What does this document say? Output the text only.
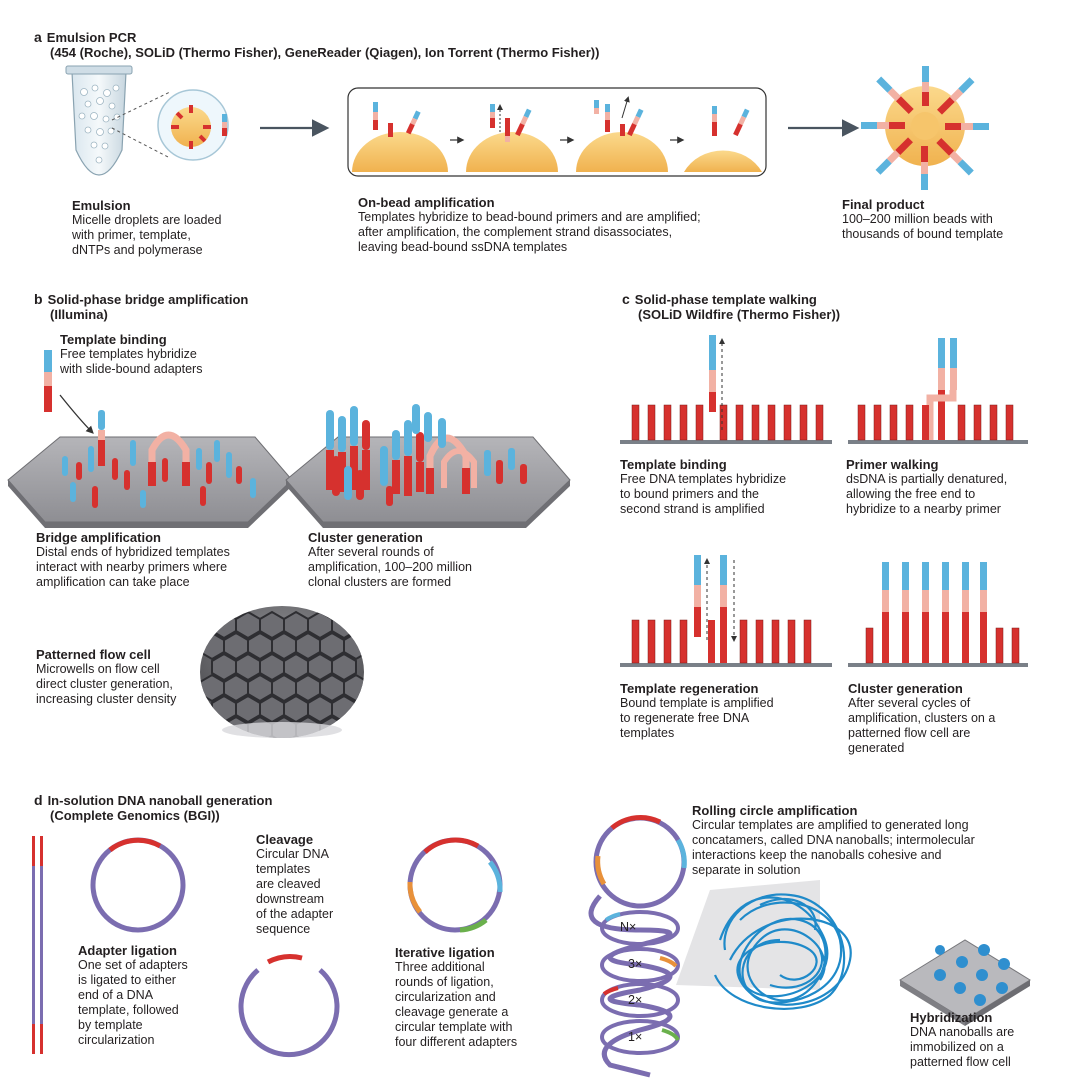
a Emulsion PCR
(454 (Roche), SOLiD (Thermo Fisher), GeneReader (Qiagen), Ion Torrent (Thermo Fisher))
Emulsion
Micelle droplets are loaded
with primer, template,
dNTPs and polymerase
On-bead amplification
Templates hybridize to bead-bound primers and are amplified;
after amplification, the complement strand disassociates,
leaving bead-bound ssDNA templates
Final product
100–200 million beads with
thousands of bound template
b Solid-phase bridge amplification
(Illumina)
Template binding
Free templates hybridize
with slide-bound adapters
Bridge amplification
Distal ends of hybridized templates
interact with nearby primers where
amplification can take place
Cluster generation
After several rounds of
amplification, 100–200 million
clonal clusters are formed
Patterned flow cell
Microwells on flow cell
direct cluster generation,
increasing cluster density
c Solid-phase template walking
(SOLiD Wildfire (Thermo Fisher))
Template binding
Free DNA templates hybridize
to bound primers and the
second strand is amplified
Primer walking
dsDNA is partially denatured,
allowing the free end to
hybridize to a nearby primer
Template regeneration
Bound template is amplified
to regenerate free DNA
templates
Cluster generation
After several cycles of
amplification, clusters on a
patterned flow cell are
generated
d In-solution DNA nanoball generation
(Complete Genomics (BGI))
Adapter ligation
One set of adapters
is ligated to either
end of a DNA
template, followed
by template
circularization
Cleavage
Circular DNA
templates
are cleaved
downstream
of the adapter
sequence
Iterative ligation
Three additional
rounds of ligation,
circularization and
cleavage generate a
circular template with
four different adapters
Rolling circle amplification
Circular templates are amplified to generated long
concatamers, called DNA nanoballs; intermolecular
interactions keep the nanoballs cohesive and
separate in solution
Hybridization
DNA nanoballs are
immobilized on a
patterned flow cell
N×
3×
2×
1×
